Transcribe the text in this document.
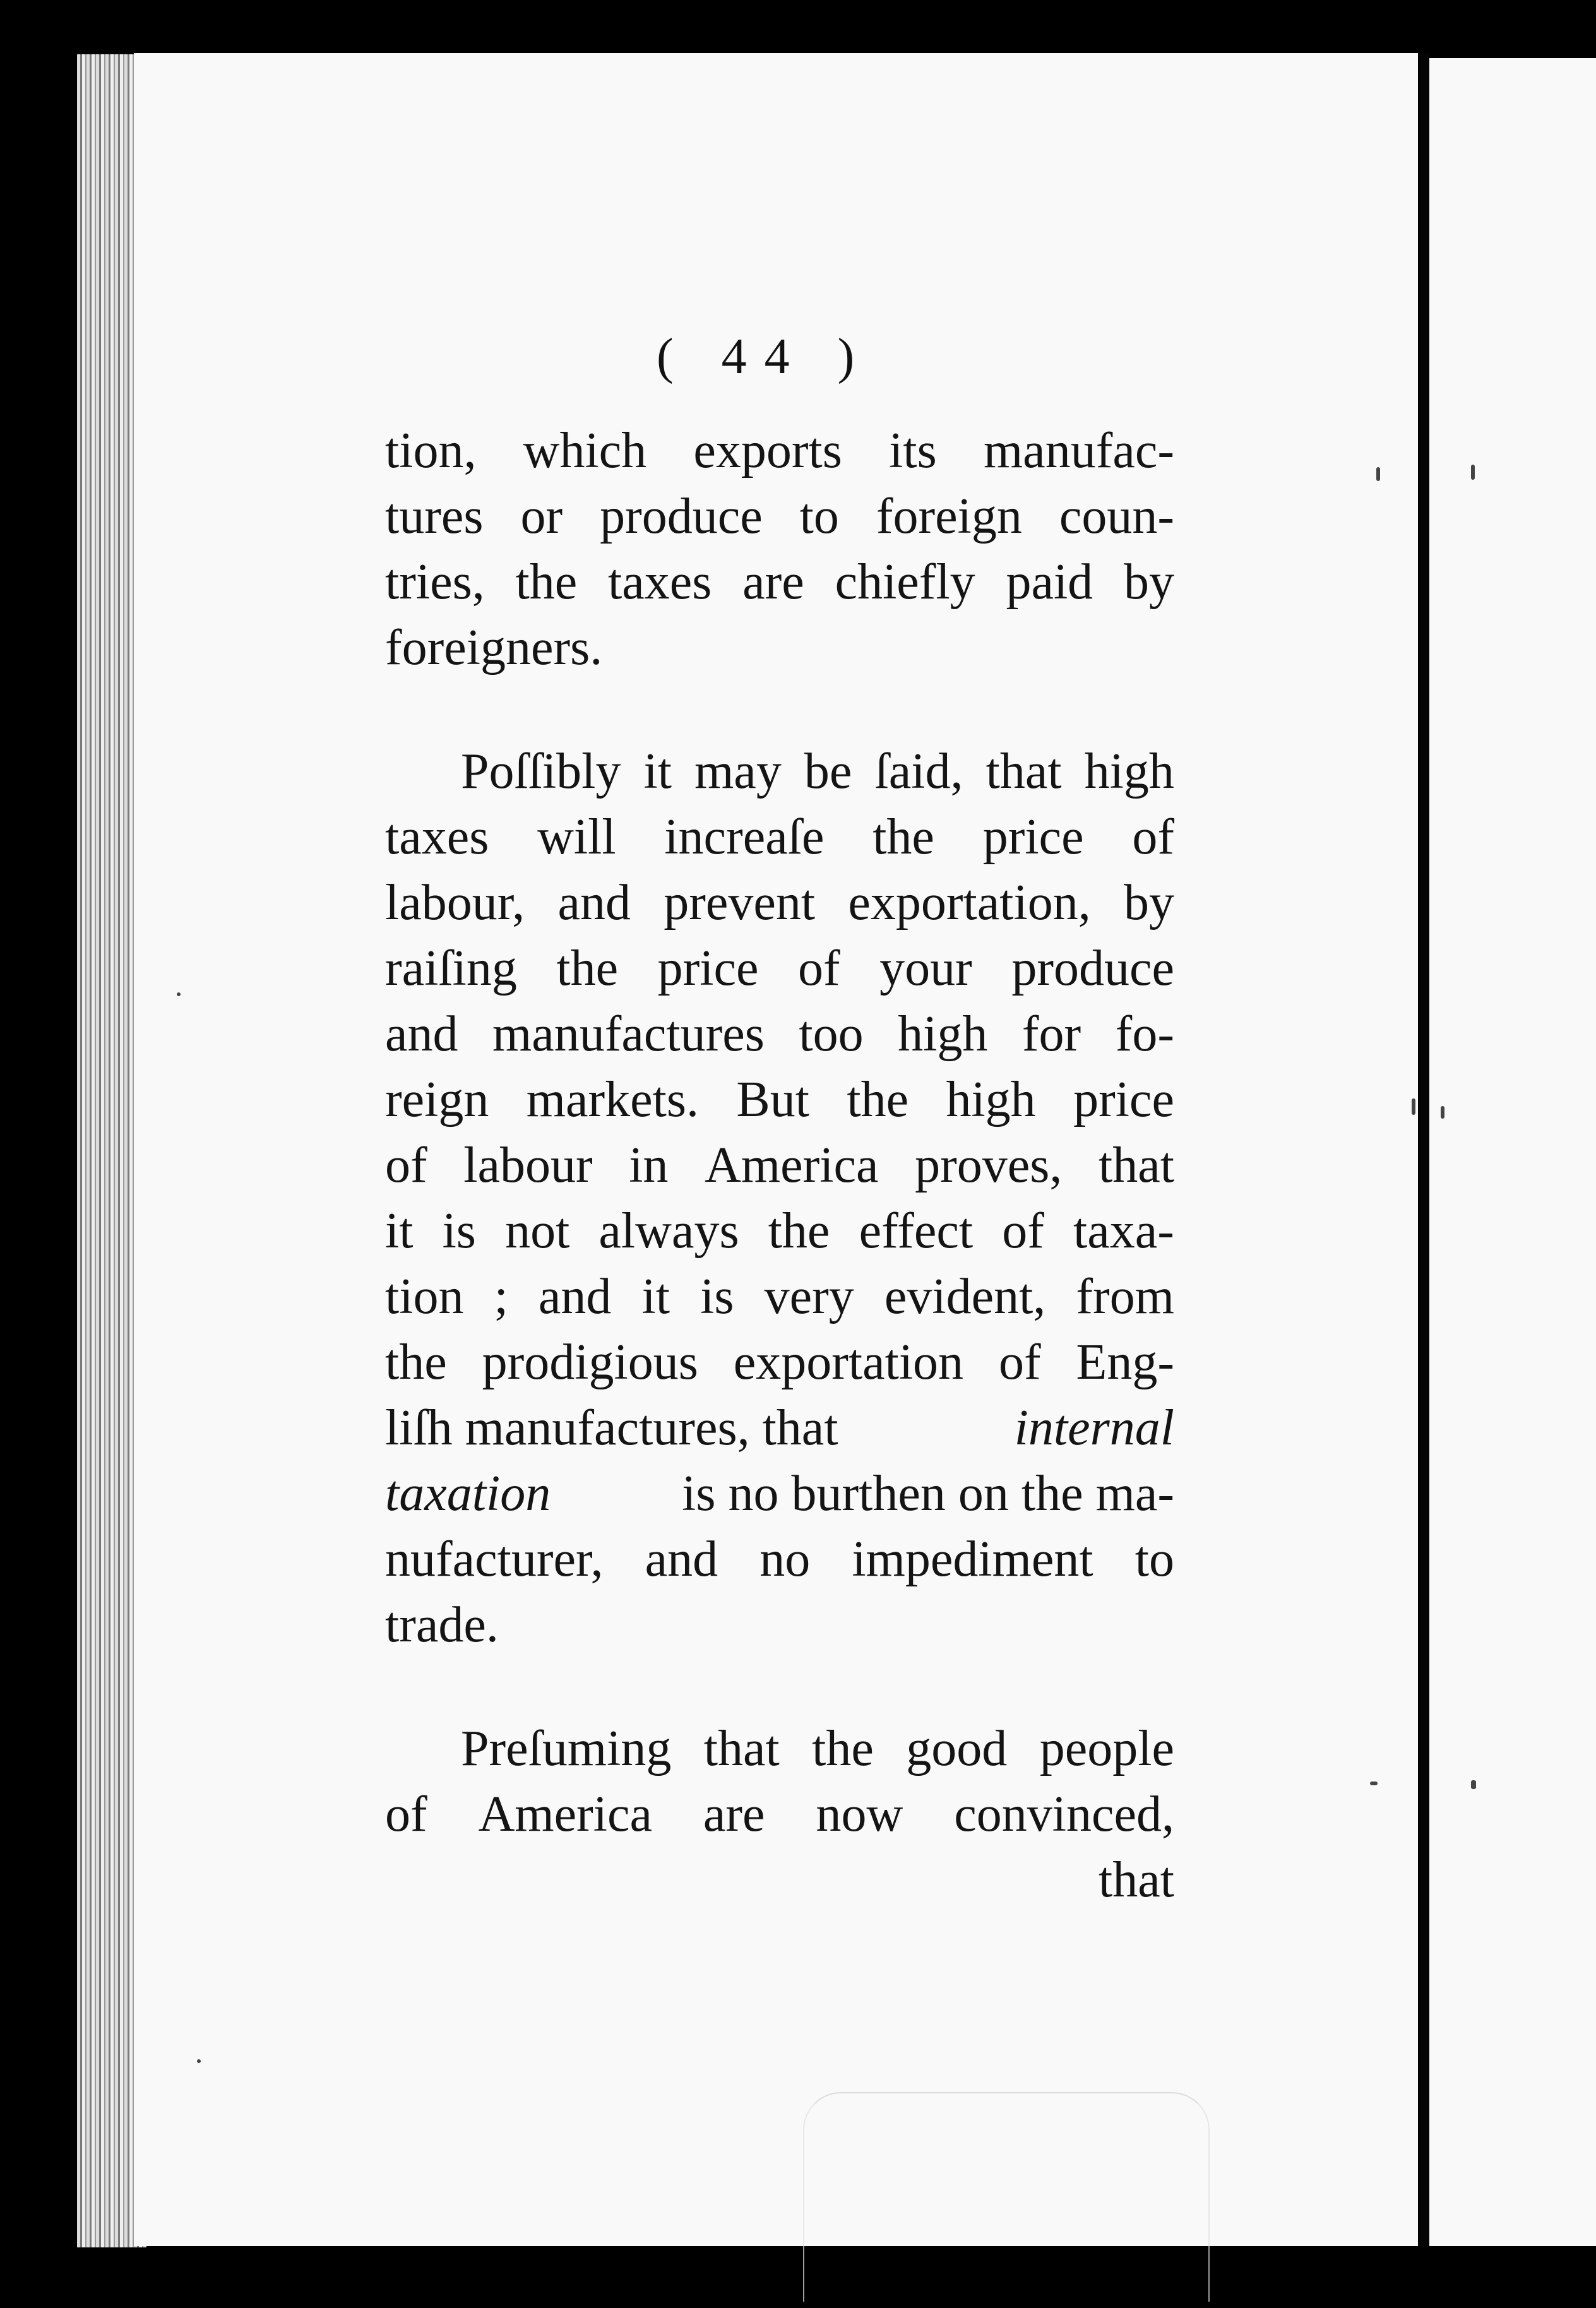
( 44 )
tion, which exports its manufac-
tures or produce to foreign coun-
tries, the taxes are chiefly paid by
foreigners.
Poſſibly it may be ſaid, that high
taxes will increaſe the price of
labour, and prevent exportation, by
raiſing the price of your produce
and manufactures too high for fo-
reign markets. But the high price
of labour in America proves, that
it is not always the effect of taxa-
tion ; and it is very evident, from
the prodigious exportation of Eng-
liſh manufactures, that	internal
taxation	is no burthen on the ma-
nufacturer, and no impediment to
trade.
Preſuming that the good people
of America are now convinced,
that
